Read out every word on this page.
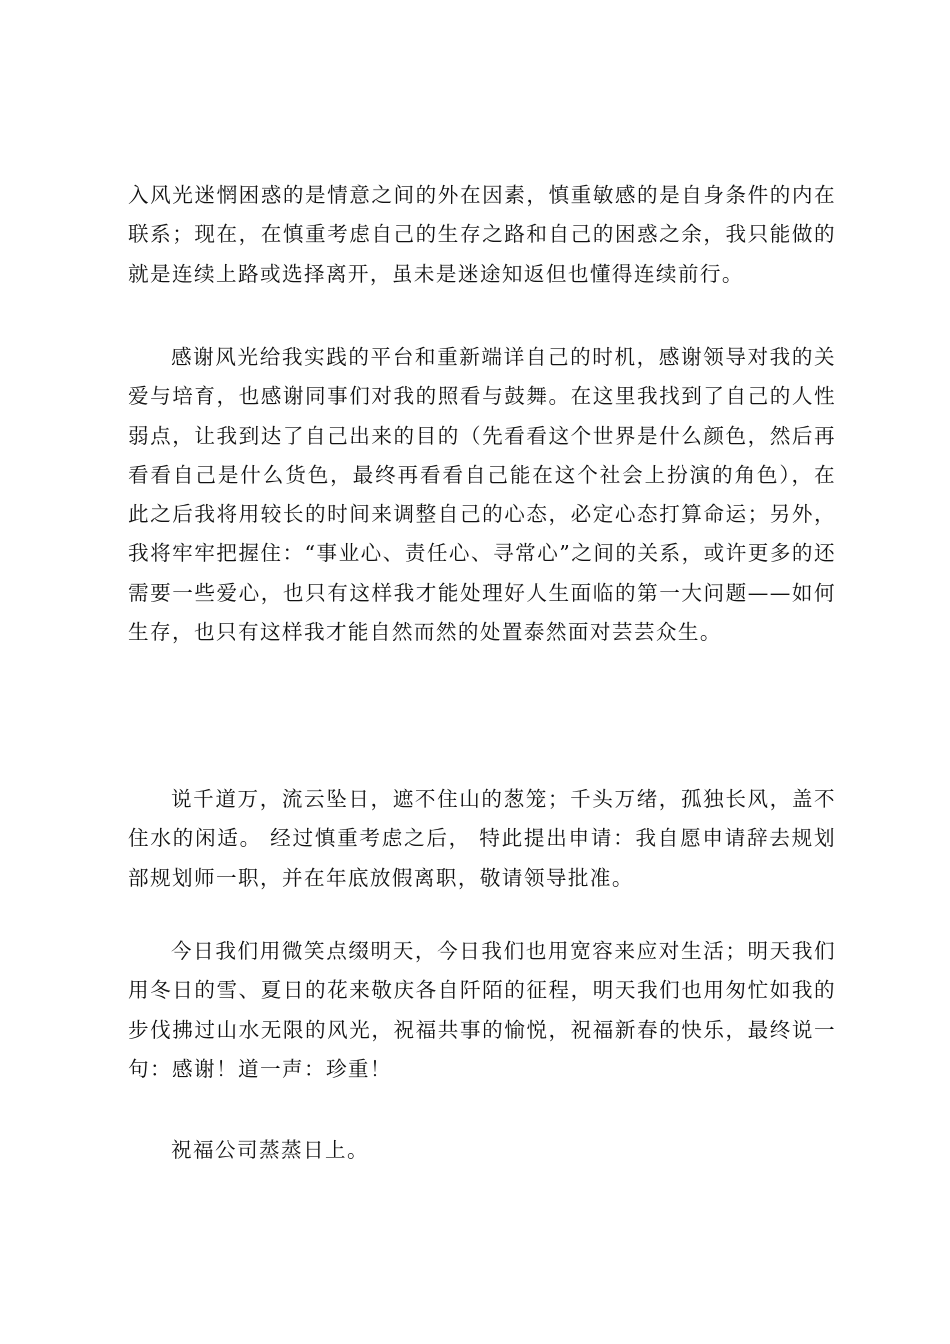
入风光迷惘困惑的是情意之间的外在因素，慎重敏感的是自身条件的内在联系；现在，在慎重考虑自己的生存之路和自己的困惑之余，我只能做的就是连续上路或选择离开，虽未是迷途知返但也懂得连续前行。

感谢风光给我实践的平台和重新端详自己的时机，感谢领导对我的关爱与培育，也感谢同事们对我的照看与鼓舞。在这里我找到了自己的人性弱点，让我到达了自己出来的目的（先看看这个世界是什么颜色，然后再看看自己是什么货色，最终再看看自己能在这个社会上扮演的角色），在此之后我将用较长的时间来调整自己的心态，必定心态打算命运；另外，我将牢牢把握住：“事业心、责任心、寻常心”之间的关系，或许更多的还需要一些爱心，也只有这样我才能处理好人生面临的第一大问题——如何生存，也只有这样我才能自然而然的处置泰然面对芸芸众生。

说千道万，流云坠日，遮不住山的葱笼；千头万绪，孤独长风，盖不住水的闲适。 经过慎重考虑之后， 特此提出申请：我自愿申请辞去规划部规划师一职，并在年底放假离职，敬请领导批准。

今日我们用微笑点缀明天，今日我们也用宽容来应对生活；明天我们用冬日的雪、夏日的花来敬庆各自阡陌的征程，明天我们也用匆忙如我的步伐拂过山水无限的风光，祝福共事的愉悦，祝福新春的快乐，最终说一句：感谢！道一声：珍重！

祝福公司蒸蒸日上。
